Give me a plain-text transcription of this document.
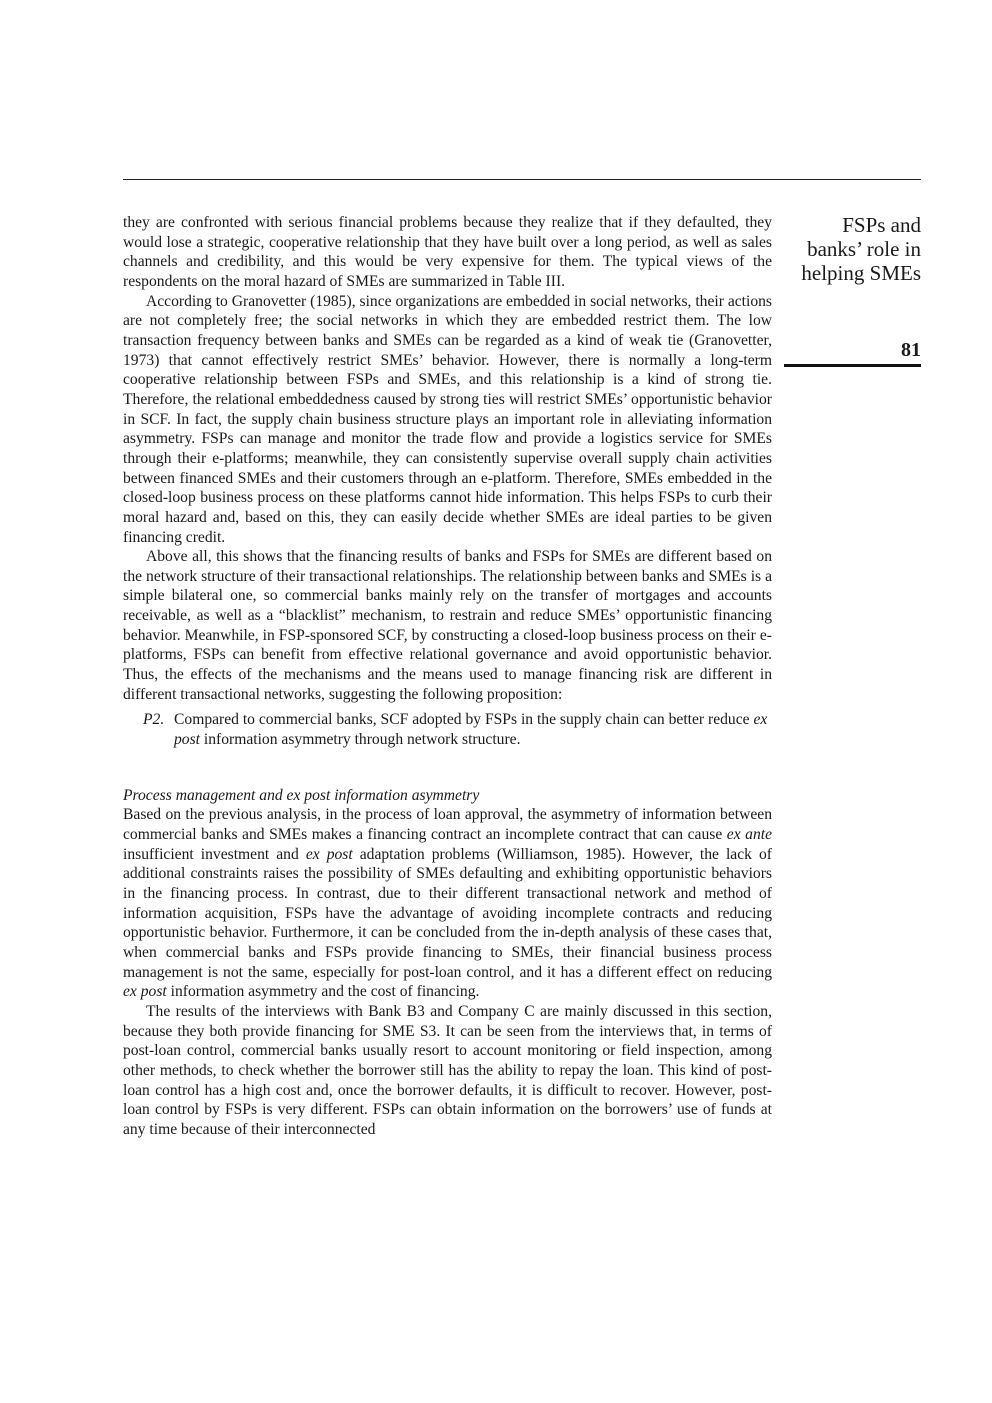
FSPs and
banks’ role in
helping SMEs
81

they are confronted with serious financial problems because they realize that if they defaulted, they would lose a strategic, cooperative relationship that they have built over a long period, as well as sales channels and credibility, and this would be very expensive for them. The typical views of the respondents on the moral hazard of SMEs are summarized in Table III.

According to Granovetter (1985), since organizations are embedded in social networks, their actions are not completely free; the social networks in which they are embedded restrict them. The low transaction frequency between banks and SMEs can be regarded as a kind of weak tie (Granovetter, 1973) that cannot effectively restrict SMEs’ behavior. However, there is normally a long-term cooperative relationship between FSPs and SMEs, and this relationship is a kind of strong tie. Therefore, the relational embeddedness caused by strong ties will restrict SMEs’ opportunistic behavior in SCF. In fact, the supply chain business structure plays an important role in alleviating information asymmetry. FSPs can manage and monitor the trade flow and provide a logistics service for SMEs through their e-platforms; meanwhile, they can consistently supervise overall supply chain activities between financed SMEs and their customers through an e-platform. Therefore, SMEs embedded in the closed-loop business process on these platforms cannot hide information. This helps FSPs to curb their moral hazard and, based on this, they can easily decide whether SMEs are ideal parties to be given financing credit.

Above all, this shows that the financing results of banks and FSPs for SMEs are different based on the network structure of their transactional relationships. The relationship between banks and SMEs is a simple bilateral one, so commercial banks mainly rely on the transfer of mortgages and accounts receivable, as well as a “blacklist” mechanism, to restrain and reduce SMEs’ opportunistic financing behavior. Meanwhile, in FSP-sponsored SCF, by constructing a closed-loop business process on their e-platforms, FSPs can benefit from effective relational governance and avoid opportunistic behavior. Thus, the effects of the mechanisms and the means used to manage financing risk are different in different transactional networks, suggesting the following proposition:

P2. Compared to commercial banks, SCF adopted by FSPs in the supply chain can better reduce ex post information asymmetry through network structure.
Process management and ex post information asymmetry

Based on the previous analysis, in the process of loan approval, the asymmetry of information between commercial banks and SMEs makes a financing contract an incomplete contract that can cause ex ante insufficient investment and ex post adaptation problems (Williamson, 1985). However, the lack of additional constraints raises the possibility of SMEs defaulting and exhibiting opportunistic behaviors in the financing process. In contrast, due to their different transactional network and method of information acquisition, FSPs have the advantage of avoiding incomplete contracts and reducing opportunistic behavior. Furthermore, it can be concluded from the in-depth analysis of these cases that, when commercial banks and FSPs provide financing to SMEs, their financial business process management is not the same, especially for post-loan control, and it has a different effect on reducing ex post information asymmetry and the cost of financing.

The results of the interviews with Bank B3 and Company C are mainly discussed in this section, because they both provide financing for SME S3. It can be seen from the interviews that, in terms of post-loan control, commercial banks usually resort to account monitoring or field inspection, among other methods, to check whether the borrower still has the ability to repay the loan. This kind of post-loan control has a high cost and, once the borrower defaults, it is difficult to recover. However, post-loan control by FSPs is very different. FSPs can obtain information on the borrowers’ use of funds at any time because of their interconnected
